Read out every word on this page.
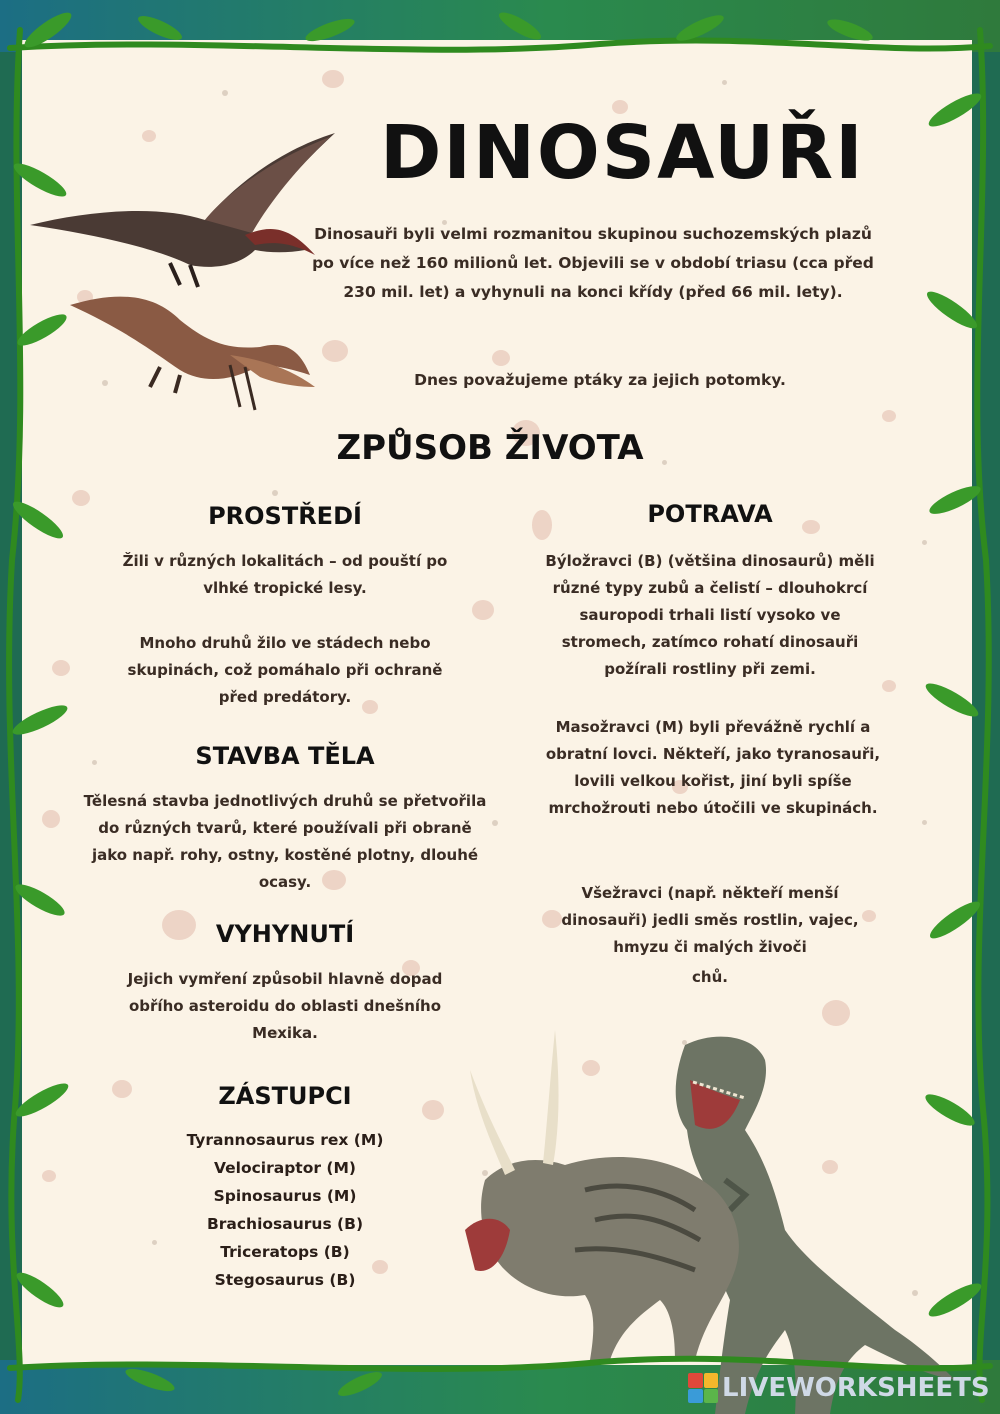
DINOSAUŘI
Dinosauři byli velmi rozmanitou skupinou suchozemských plazů po více než 160 milionů let. Objevili se v období triasu (cca před 230 mil. let) a vyhynuli na konci křídy (před 66 mil. lety).
Dnes považujeme ptáky za jejich potomky.
ZPŮSOB ŽIVOTA
PROSTŘEDÍ
Žili v různých lokalitách – od pouští po vlhké tropické lesy.
Mnoho druhů žilo ve stádech nebo skupinách, což pomáhalo při ochraně před predátory.
STAVBA TĚLA
Tělesná stavba jednotlivých druhů se přetvořila do různých tvarů, které používali při obraně jako např. rohy, ostny, kostěné plotny, dlouhé ocasy.
VYHYNUTÍ
Jejich vymření způsobil hlavně dopad obřího asteroidu do oblasti dnešního Mexika.
ZÁSTUPCI
Tyrannosaurus rex (M)
Velociraptor (M)
Spinosaurus (M)
Brachiosaurus (B)
Triceratops (B)
Stegosaurus (B)
POTRAVA
Býložravci (B) (většina dinosaurů) měli různé typy zubů a čelistí – dlouhokrcí sauropodi trhali listí vysoko ve stromech, zatímco rohatí dinosauři požírali rostliny při zemi.
Masožravci (M) byli převážně rychlí a obratní lovci. Někteří, jako tyranosauři, lovili velkou kořist, jiní byli spíše mrchožrouti nebo útočili ve skupinách.
Všežravci (např. někteří menší dinosauři) jedli směs rostlin, vajec, hmyzu či malých živoči
chů.
LIVEWORKSHEETS
